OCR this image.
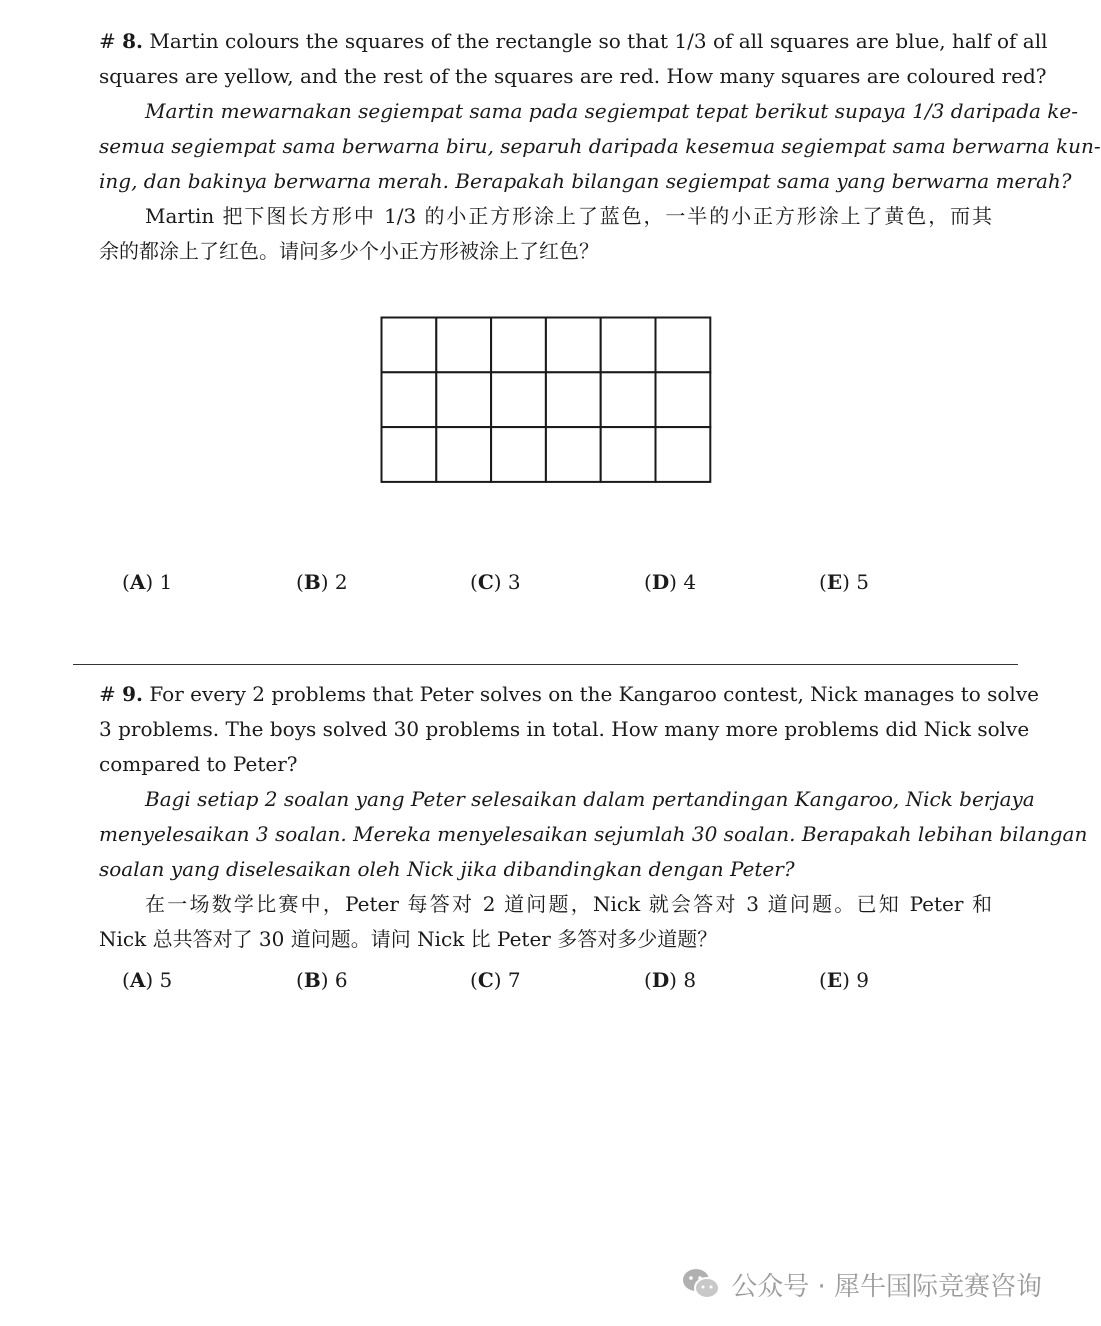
# 8. Martin colours the squares of the rectangle so that 1/3 of all squares are blue, half of all
squares are yellow, and the rest of the squares are red. How many squares are coloured red?
Martin mewarnakan segiempat sama pada segiempat tepat berikut supaya 1/3 daripada ke-
semua segiempat sama berwarna biru, separuh daripada kesemua segiempat sama berwarna kun-
ing, dan bakinya berwarna merah. Berapakah bilangan segiempat sama yang berwarna merah?
Martin 把下图长方形中 1/3 的小正方形涂上了蓝色，一半的小正方形涂上了黄色，而其
余的都涂上了红色。请问多少个小正方形被涂上了红色？
(A) 1	(B) 2	(C) 3	(D) 4	(E) 5
# 9. For every 2 problems that Peter solves on the Kangaroo contest, Nick manages to solve
3 problems. The boys solved 30 problems in total. How many more problems did Nick solve
compared to Peter?
Bagi setiap 2 soalan yang Peter selesaikan dalam pertandingan Kangaroo, Nick berjaya
menyelesaikan 3 soalan. Mereka menyelesaikan sejumlah 30 soalan. Berapakah lebihan bilangan
soalan yang diselesaikan oleh Nick jika dibandingkan dengan Peter?
在一场数学比赛中，Peter 每答对 2 道问题，Nick 就会答对 3 道问题。已知 Peter 和
Nick 总共答对了 30 道问题。请问 Nick 比 Peter 多答对多少道题？
(A) 5	(B) 6	(C) 7	(D) 8	(E) 9
公众号 · 犀牛国际竞赛咨询
